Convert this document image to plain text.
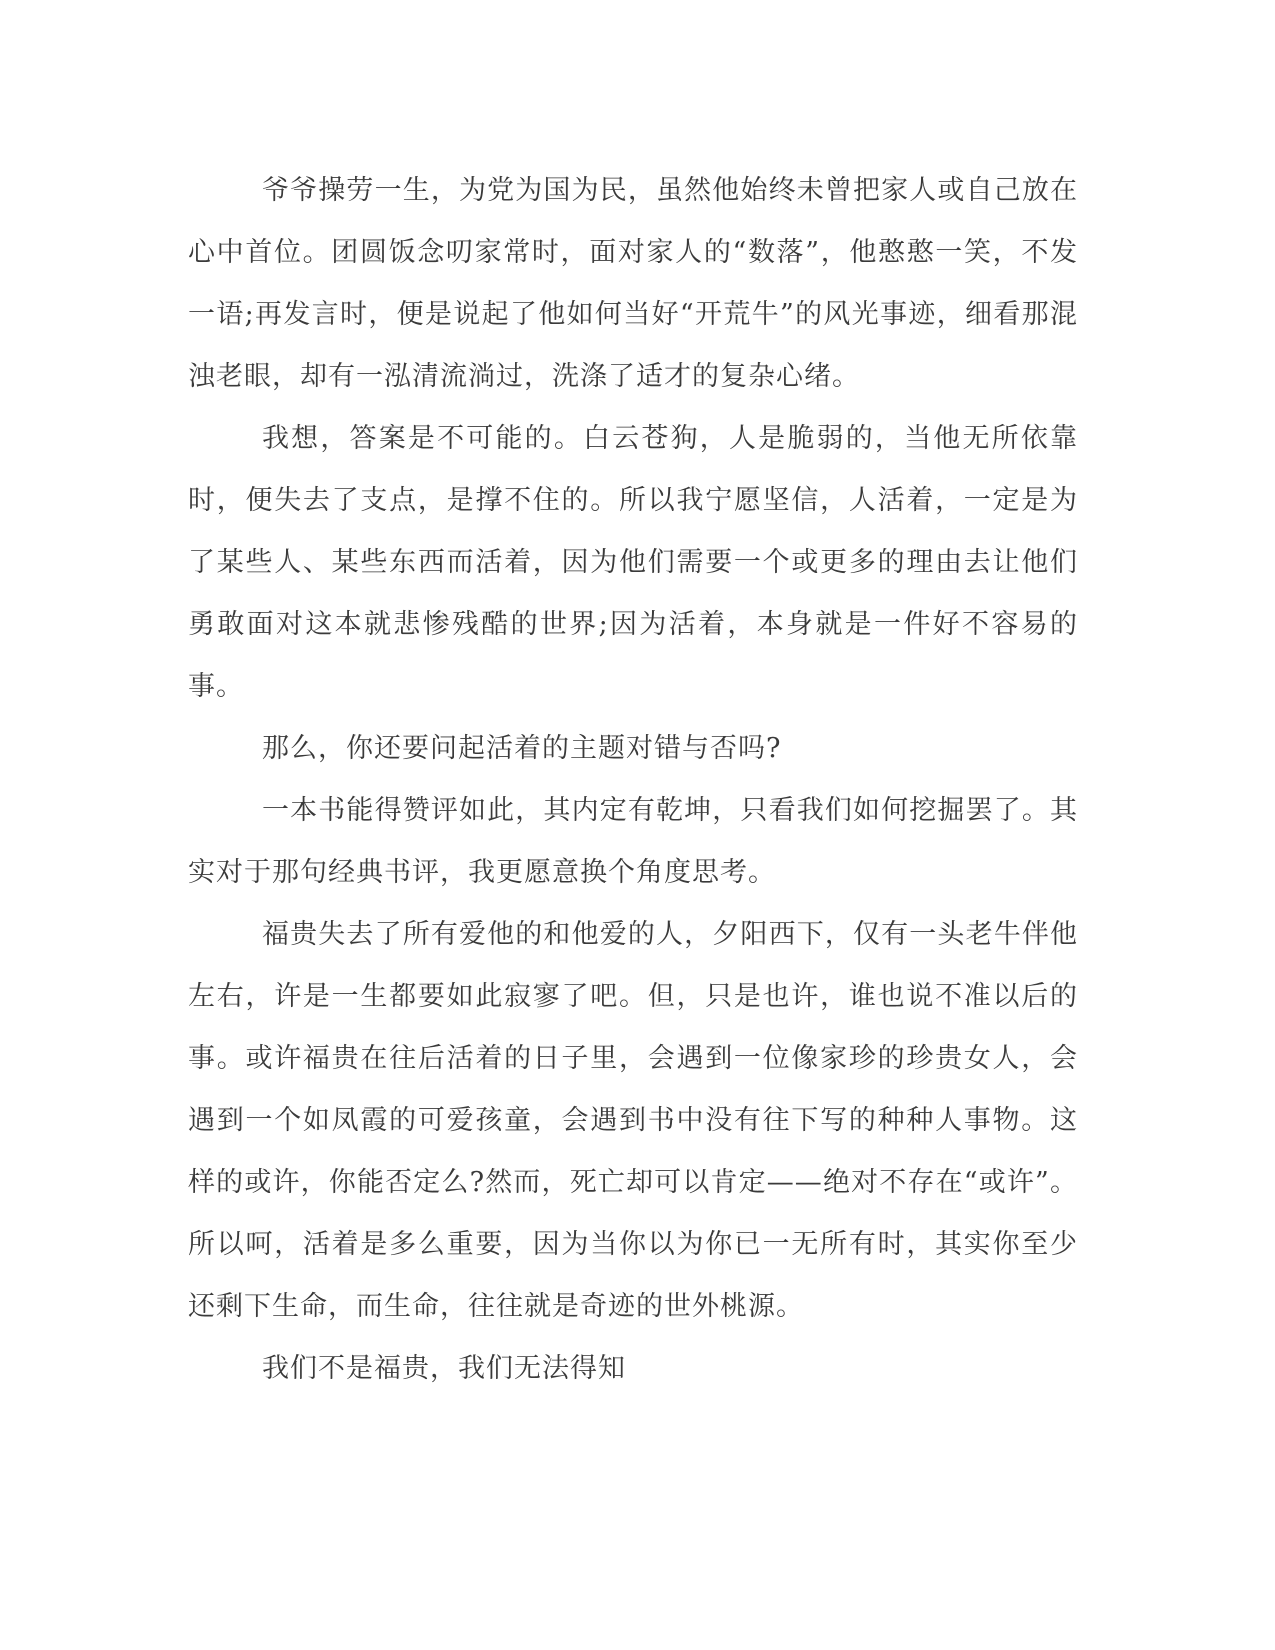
爷爷操劳一生，为党为国为民，虽然他始终未曾把家人或自己放在心中首位。团圆饭念叨家常时，面对家人的“数落”，他憨憨一笑，不发一语;再发言时，便是说起了他如何当好“开荒牛”的风光事迹，细看那混浊老眼，却有一泓清流淌过，洗涤了适才的复杂心绪。

我想，答案是不可能的。白云苍狗，人是脆弱的，当他无所依靠时，便失去了支点，是撑不住的。所以我宁愿坚信，人活着，一定是为了某些人、某些东西而活着，因为他们需要一个或更多的理由去让他们勇敢面对这本就悲惨残酷的世界;因为活着，本身就是一件好不容易的事。

那么，你还要问起活着的主题对错与否吗?

一本书能得赞评如此，其内定有乾坤，只看我们如何挖掘罢了。其实对于那句经典书评，我更愿意换个角度思考。

福贵失去了所有爱他的和他爱的人，夕阳西下，仅有一头老牛伴他左右，许是一生都要如此寂寥了吧。但，只是也许，谁也说不准以后的事。或许福贵在往后活着的日子里，会遇到一位像家珍的珍贵女人，会遇到一个如凤霞的可爱孩童，会遇到书中没有往下写的种种人事物。这样的或许，你能否定么?然而，死亡却可以肯定——绝对不存在“或许”。所以呵，活着是多么重要，因为当你以为你已一无所有时，其实你至少还剩下生命，而生命，往往就是奇迹的世外桃源。

我们不是福贵，我们无法得知
